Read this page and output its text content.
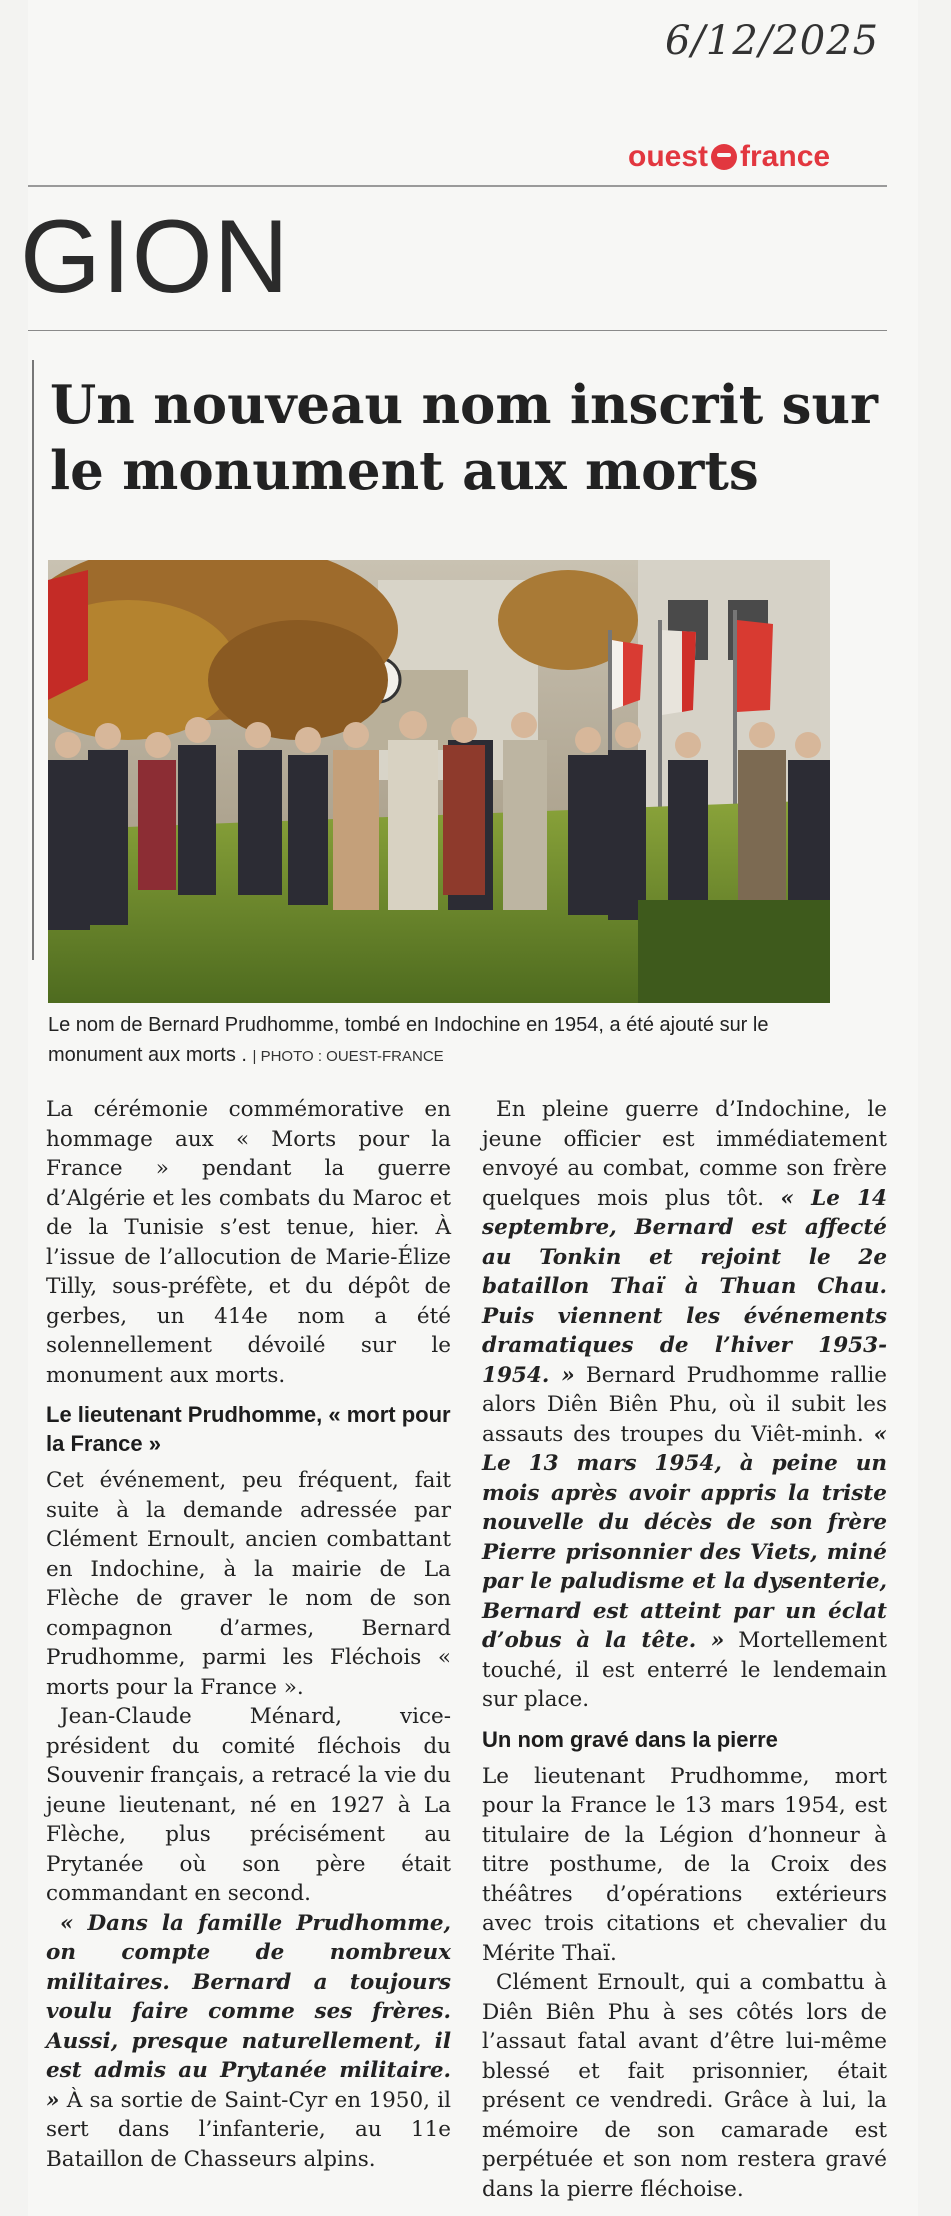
6/12/2025
ouest france
GION
Un nouveau nom inscrit sur le monument aux morts
Le nom de Bernard Prudhomme, tombé en Indochine en 1954, a été ajouté sur le monument aux morts . | PHOTO : OUEST-FRANCE

La cérémonie commémorative en hommage aux « Morts pour la France » pendant la guerre d’Algérie et les combats du Maroc et de la Tunisie s’est tenue, hier. À l’issue de l’allocution de Marie-Élize Tilly, sous-préfète, et du dépôt de gerbes, un 414e nom a été solennellement dévoilé sur le monument aux morts.

Le lieutenant Prudhomme, « mort pour la France »

Cet événement, peu fréquent, fait suite à la demande adressée par Clément Ernoult, ancien combattant en Indochine, à la mairie de La Flèche de graver le nom de son compagnon d’armes, Bernard Prudhomme, parmi les Fléchois « morts pour la France ».

Jean-Claude Ménard, vice-président du comité fléchois du Souvenir français, a retracé la vie du jeune lieutenant, né en 1927 à La Flèche, plus précisément au Prytanée où son père était commandant en second.

« Dans la famille Prudhomme, on compte de nombreux militaires. Bernard a toujours voulu faire comme ses frères. Aussi, presque naturellement, il est admis au Prytanée militaire. » À sa sortie de Saint-Cyr en 1950, il sert dans l’infanterie, au 11e Bataillon de Chasseurs alpins.

En pleine guerre d’Indochine, le jeune officier est immédiatement envoyé au combat, comme son frère quelques mois plus tôt. « Le 14 septembre, Bernard est affecté au Tonkin et rejoint le 2e bataillon Thaï à Thuan Chau. Puis viennent les événements dramatiques de l’hiver 1953-1954. » Bernard Prudhomme rallie alors Diên Biên Phu, où il subit les assauts des troupes du Viêt-minh. « Le 13 mars 1954, à peine un mois après avoir appris la triste nouvelle du décès de son frère Pierre prisonnier des Viets, miné par le paludisme et la dysenterie, Bernard est atteint par un éclat d’obus à la tête. » Mortellement touché, il est enterré le lendemain sur place.

Un nom gravé dans la pierre

Le lieutenant Prudhomme, mort pour la France le 13 mars 1954, est titulaire de la Légion d’honneur à titre posthume, de la Croix des théâtres d’opérations extérieurs avec trois citations et chevalier du Mérite Thaï.

Clément Ernoult, qui a combattu à Diên Biên Phu à ses côtés lors de l’assaut fatal avant d’être lui-même blessé et fait prisonnier, était présent ce vendredi. Grâce à lui, la mémoire de son camarade est perpétuée et son nom restera gravé dans la pierre fléchoise.
